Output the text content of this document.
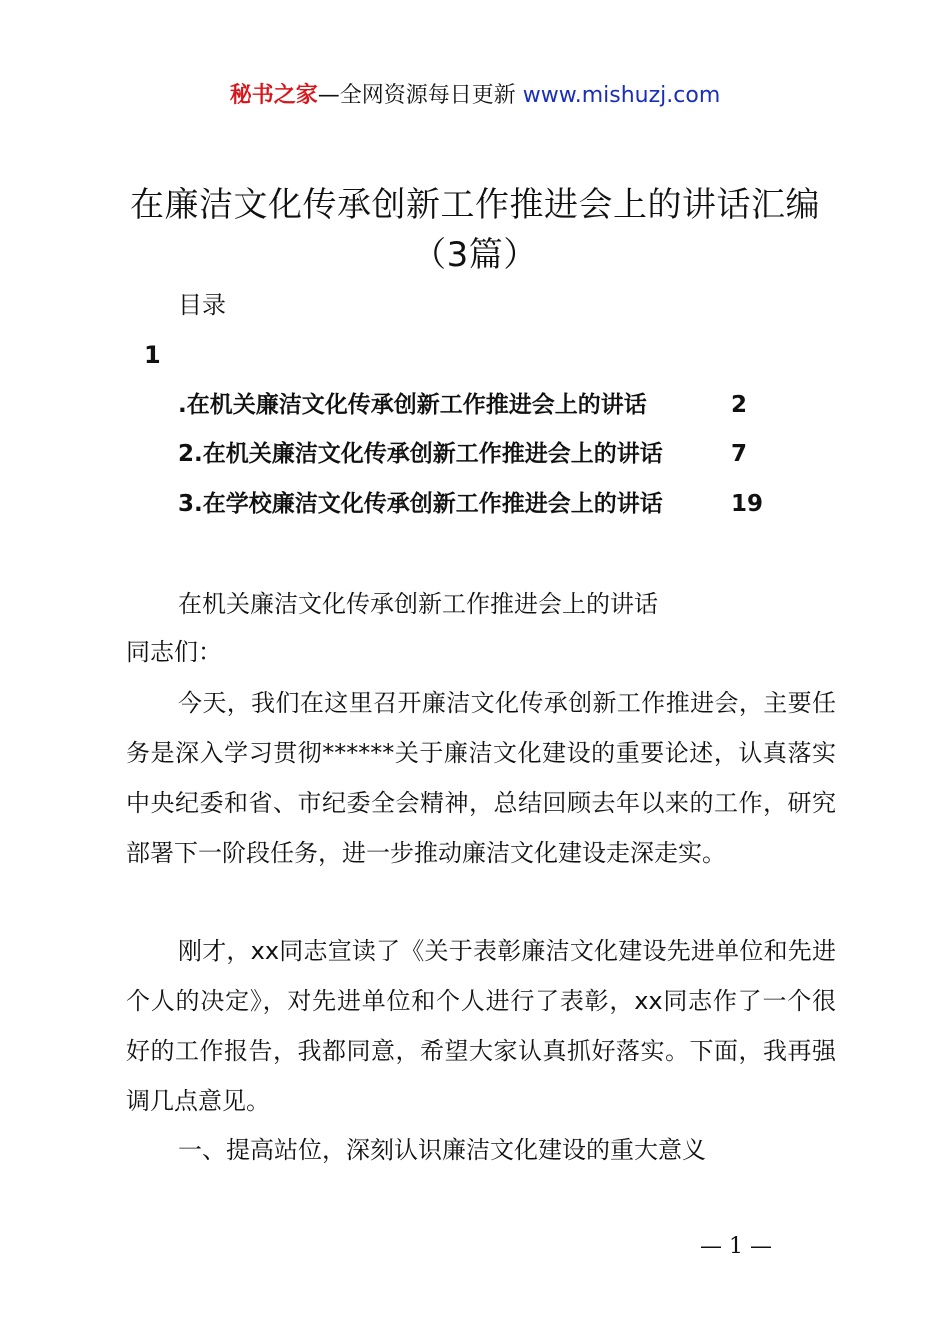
秘书之家—全网资源每日更新 www.mishuzj.com
在廉洁文化传承创新工作推进会上的讲话汇编（3篇）
目录
1
.在机关廉洁文化传承创新工作推进会上的讲话	2
2.在机关廉洁文化传承创新工作推进会上的讲话	7
3.在学校廉洁文化传承创新工作推进会上的讲话	19
在机关廉洁文化传承创新工作推进会上的讲话
同志们：

今天，我们在这里召开廉洁文化传承创新工作推进会，主要任务是深入学习贯彻******关于廉洁文化建设的重要论述，认真落实中央纪委和省、市纪委全会精神，总结回顾去年以来的工作，研究部署下一阶段任务，进一步推动廉洁文化建设走深走实。

刚才，xx同志宣读了《关于表彰廉洁文化建设先进单位和先进个人的决定》，对先进单位和个人进行了表彰，xx同志作了一个很好的工作报告，我都同意，希望大家认真抓好落实。下面，我再强调几点意见。

一、提高站位，深刻认识廉洁文化建设的重大意义
— 1 —
